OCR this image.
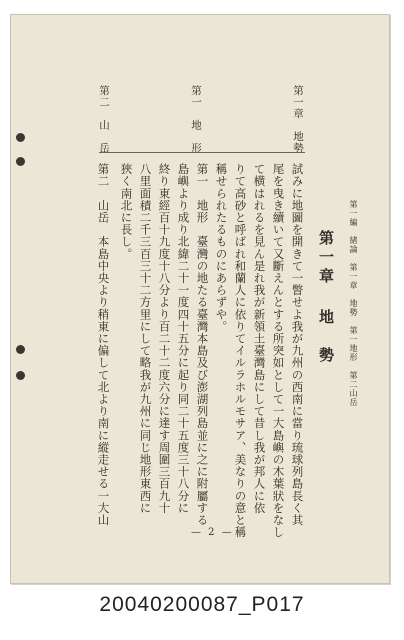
第一章　地勢
第一　地　形
第二　山　岳
第一編　緒論　第一章　地勢　第一地形　第二山岳
第一章 地　勢
試みに地圖を開きて一瞥せよ我が九州の西南に當り琉球列島長く其
尾を曳き續いて又斷えんとする所突如として一大島嶼の木葉狀をなし
て横はれるを見ん是れ我が新領土臺灣島にして昔し我が邦人に依
りて高砂と呼ばれ和蘭人に依りてイルラホルモサア、美なりの意と稱
稱せられたるものにあらずや。
第一　地形　臺灣の地たる臺灣本島及び澎湖列島並に之に附屬する
島嶼より成り北緯二十一度四十五分に起り同二十五度三十八分に
終り東經百十九度十八分より百二十二度六分に達す周圍三百九十
八里面積二千三百三十二方里にして略我が九州に同じ地形東西に
狹く南北に長し。
第二　山岳　本島中央より稍東に偏して北より南に縱走せる一大山
— 2 —
20040200087_P017
